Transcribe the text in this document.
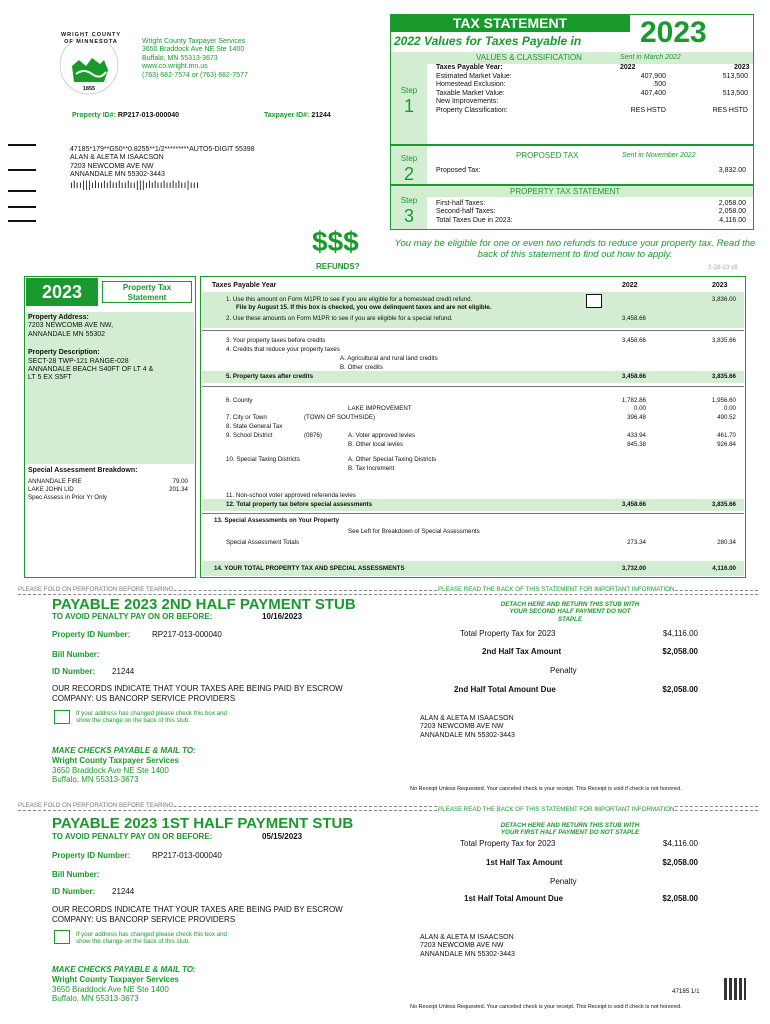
WRIGHT COUNTY OF MINNESOTA
1855
Wright County Taxpayer Services
3650 Braddock Ave NE Ste 1400
Buffalo, MN 55313-3673
www.co.wright.mn.us
(763) 682-7574 or (763) 682-7577
Property ID#: RP217-013-000040	Taxpayer ID#: 21244
47185*179**G50**0.8255**1/2*********AUTO5-DIGIT 55398
ALAN & ALETA M ISAACSON
7203 NEWCOMB AVE NW
ANNANDALE MN 55302-3443
ılıı|||ılıılılıılıılıı|||ılılıılıılılıı|ııı
TAX STATEMENT
2022 Values for Taxes Payable in 2023
Step
1
VALUES & CLASSIFICATION	Sent in March 2022
Taxes Payable Year:	2022	2023
Estimated Market Value:	407,900	513,500
Homestead Exclusion:	.500
Taxable Market Value:	407,400	513,500
New Improvements:
Property Classification:	RES HSTD	RES HSTD
Step
2
PROPOSED TAX	Sent in November 2022
Proposed Tax:	3,832.00
Step
3
PROPERTY TAX STATEMENT
First-half Taxes:	2,058.00
Second-half Taxes:	2,058.00
Total Taxes Due in 2023:	4,116.00
$$$
REFUNDS?
You may be eligible for one or even two refunds to reduce your property tax. Read the back of this statement to find out how to apply.
2-28-23 v8
2023	Property Tax Statement
Property Address:
7203 NEWCOMB AVE NW,
ANNANDALE MN 55302
Property Description:
SECT-28 TWP-121 RANGE-028
ANNANDALE BEACH S40FT OF LT 4 &
LT 5 EX S5FT
Special Assessment Breakdown:
ANNANDALE FIRE	79.00
LAKE JOHN LID	201.34
Spec Assess in Prior Yr Only
Taxes Payable Year	2022	2023
1. Use this amount on Form M1PR to see if you are eligible for a homestead credit refund.
File by August 15. If this box is checked, you owe delinquent taxes and are not eligible.
3,836.00
2. Use these amounts on Form M1PR to see if you are eligible for a special refund.	3,458.66
3. Your property taxes before credits	3,458.66	3,835.66
4. Credits that reduce your property taxes
A. Agricultural and rural land credits
B. Other credits
5. Property taxes after credits	3,458.66	3,835.66
6. County	1,782.86	1,956.60
LAKE IMPROVEMENT	0.00	0.00
7. City or Town	(TOWN OF SOUTHSIDE)	396.48	490.52
8. State General Tax
9. School District	(0876)	A. Voter approved levies	433.94	461.70
B. Other local levies	845.38	926.84
10. Special Taxing Districts	A. Other Special Taxing Districts
B. Tax Increment
11. Non-school voter approved referenda levies
12. Total property tax before special assessments	3,458.66	3,835.66
13. Special Assessments on Your Property
See Left for Breakdown of Special Assessments
Special Assessment Totals	273.34	280.34
14. YOUR TOTAL PROPERTY TAX AND SPECIAL ASSESSMENTS	3,732.00	4,116.00
PLEASE FOLD ON PERFORATION BEFORE TEARING	PLEASE READ THE BACK OF THIS STATEMENT FOR IMPORTANT INFORMATION
PAYABLE 2023 2ND HALF PAYMENT STUB	DETACH HERE AND RETURN THIS STUB WITH YOUR SECOND HALF PAYMENT DO NOT STAPLE
TO AVOID PENALTY PAY ON OR BEFORE:	10/16/2023
Property ID Number:	RP217-013-000040
Bill Number:
ID Number: 21244
Total Property Tax for 2023	$4,116.00
2nd Half Tax Amount	$2,058.00
Penalty
2nd Half Total Amount Due	$2,058.00
OUR RECORDS INDICATE THAT YOUR TAXES ARE BEING PAID BY ESCROW
COMPANY: US BANCORP SERVICE PROVIDERS
If your address has changed please check this box and
show the change on the back of this stub.	ALAN & ALETA M ISAACSON
7203 NEWCOMB AVE NW
ANNANDALE MN 55302-3443
MAKE CHECKS PAYABLE & MAIL TO:
Wright County Taxpayer Services
3650 Braddock Ave NE Ste 1400
Buffalo, MN 55313-3673
No Receipt Unless Requested. Your canceled check is your receipt. This Receipt is void if check is not honored.
PLEASE FOLD ON PERFORATION BEFORE TEARING
PLEASE READ THE BACK OF THIS STATEMENT FOR IMPORTANT INFORMATION
PAYABLE 2023 1ST HALF PAYMENT STUB	DETACH HERE AND RETURN THIS STUB WITH YOUR FIRST HALF PAYMENT DO NOT STAPLE
TO AVOID PENALTY PAY ON OR BEFORE:	05/15/2023
Total Property Tax for 2023	$4,116.00
Property ID Number:	RP217-013-000040
1st Half Tax Amount	$2,058.00
Bill Number:
Penalty
ID Number: 21244
1st Half Total Amount Due	$2,058.00
OUR RECORDS INDICATE THAT YOUR TAXES ARE BEING PAID BY ESCROW
COMPANY: US BANCORP SERVICE PROVIDERS
If your address has changed please check this box and
show the change on the back of this stub.
ALAN & ALETA M ISAACSON
7203 NEWCOMB AVE NW
ANNANDALE MN 55302-3443
MAKE CHECKS PAYABLE & MAIL TO:
Wright County Taxpayer Services
3650 Braddock Ave NE Ste 1400
Buffalo, MN 55313-3673
47185 1/1
No Receipt Unless Requested. Your canceled check is your receipt. This Receipt is void if check is not honored.
